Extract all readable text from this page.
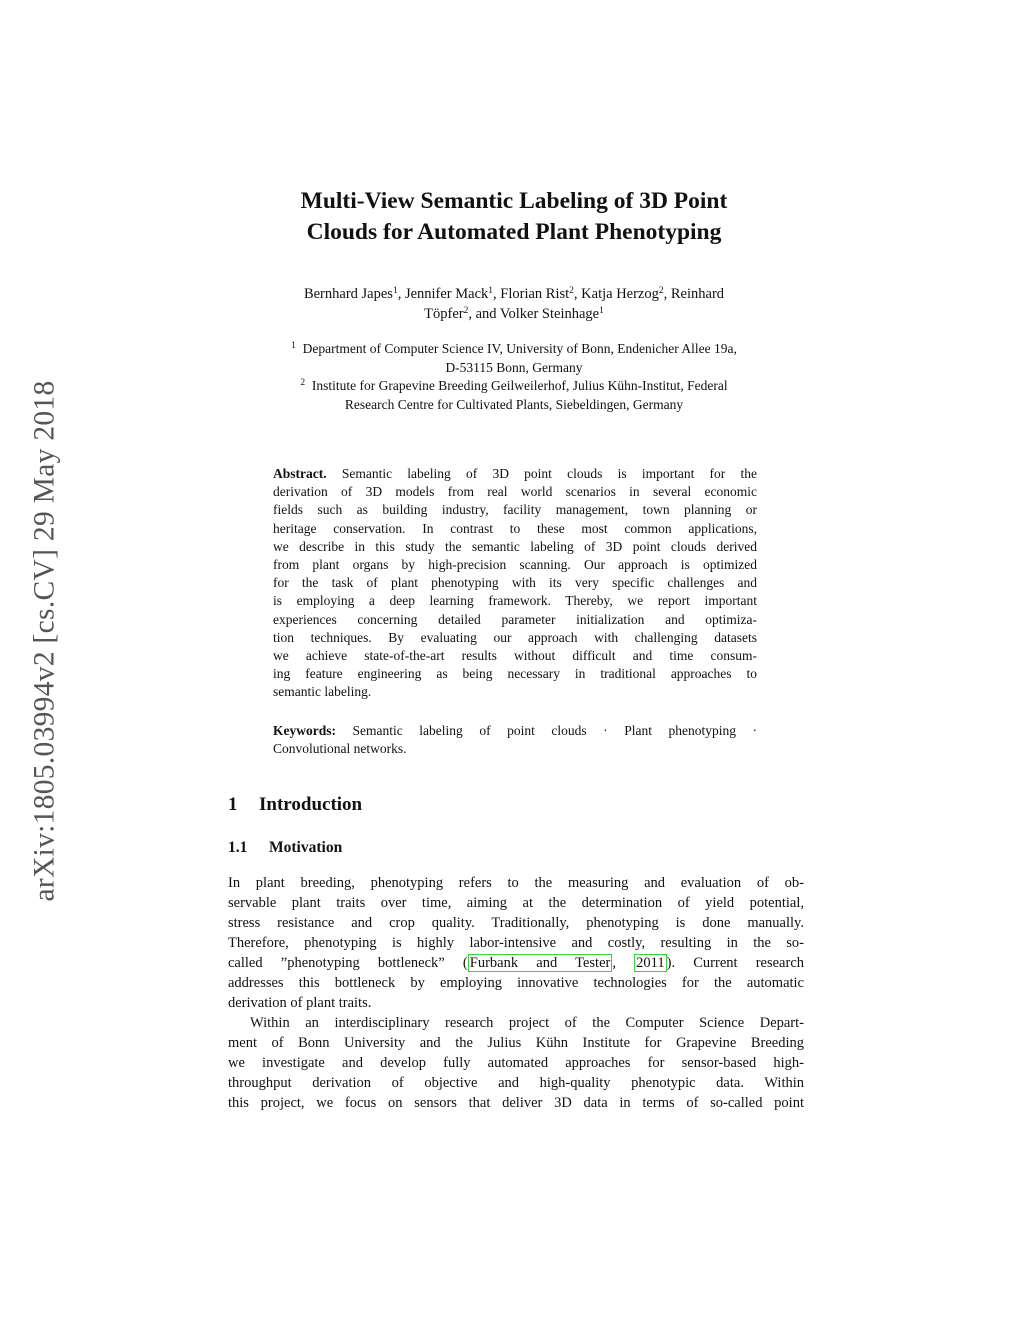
arXiv:1805.03994v2 [cs.CV] 29 May 2018
Multi-View Semantic Labeling of 3D Point
Clouds for Automated Plant Phenotyping
Bernhard Japes$^1$, Jennifer Mack$^1$, Florian Rist$^2$, Katja Herzog$^2$, Reinhard
Töpfer$^2$, and Volker Steinhage$^1$
$^1$ Department of Computer Science IV, University of Bonn, Endenicher Allee 19a,
D-53115 Bonn, Germany
$^2$ Institute for Grapevine Breeding Geilweilerhof, Julius Kühn-Institut, Federal
Research Centre for Cultivated Plants, Siebeldingen, Germany
Abstract. Semantic labeling of 3D point clouds is important for the
derivation of 3D models from real world scenarios in several economic
fields such as building industry, facility management, town planning or
heritage conservation. In contrast to these most common applications,
we describe in this study the semantic labeling of 3D point clouds derived
from plant organs by high-precision scanning. Our approach is optimized
for the task of plant phenotyping with its very specific challenges and
is employing a deep learning framework. Thereby, we report important
experiences concerning detailed parameter initialization and optimiza-
tion techniques. By evaluating our approach with challenging datasets
we achieve state-of-the-art results without difficult and time consum-
ing feature engineering as being necessary in traditional approaches to
semantic labeling.
Keywords: Semantic labeling of point clouds · Plant phenotyping ·
Convolutional networks.
1 Introduction
1.1 Motivation
In plant breeding, phenotyping refers to the measuring and evaluation of ob-
servable plant traits over time, aiming at the determination of yield potential,
stress resistance and crop quality. Traditionally, phenotyping is done manually.
Therefore, phenotyping is highly labor-intensive and costly, resulting in the so-
called ”phenotyping bottleneck” ( Furbank and Tester , 2011 ). Current research
addresses this bottleneck by employing innovative technologies for the automatic
derivation of plant traits.
Within an interdisciplinary research project of the Computer Science Depart-
ment of Bonn University and the Julius Kühn Institute for Grapevine Breeding
we investigate and develop fully automated approaches for sensor-based high-
throughput derivation of objective and high-quality phenotypic data. Within
this project, we focus on sensors that deliver 3D data in terms of so-called point
